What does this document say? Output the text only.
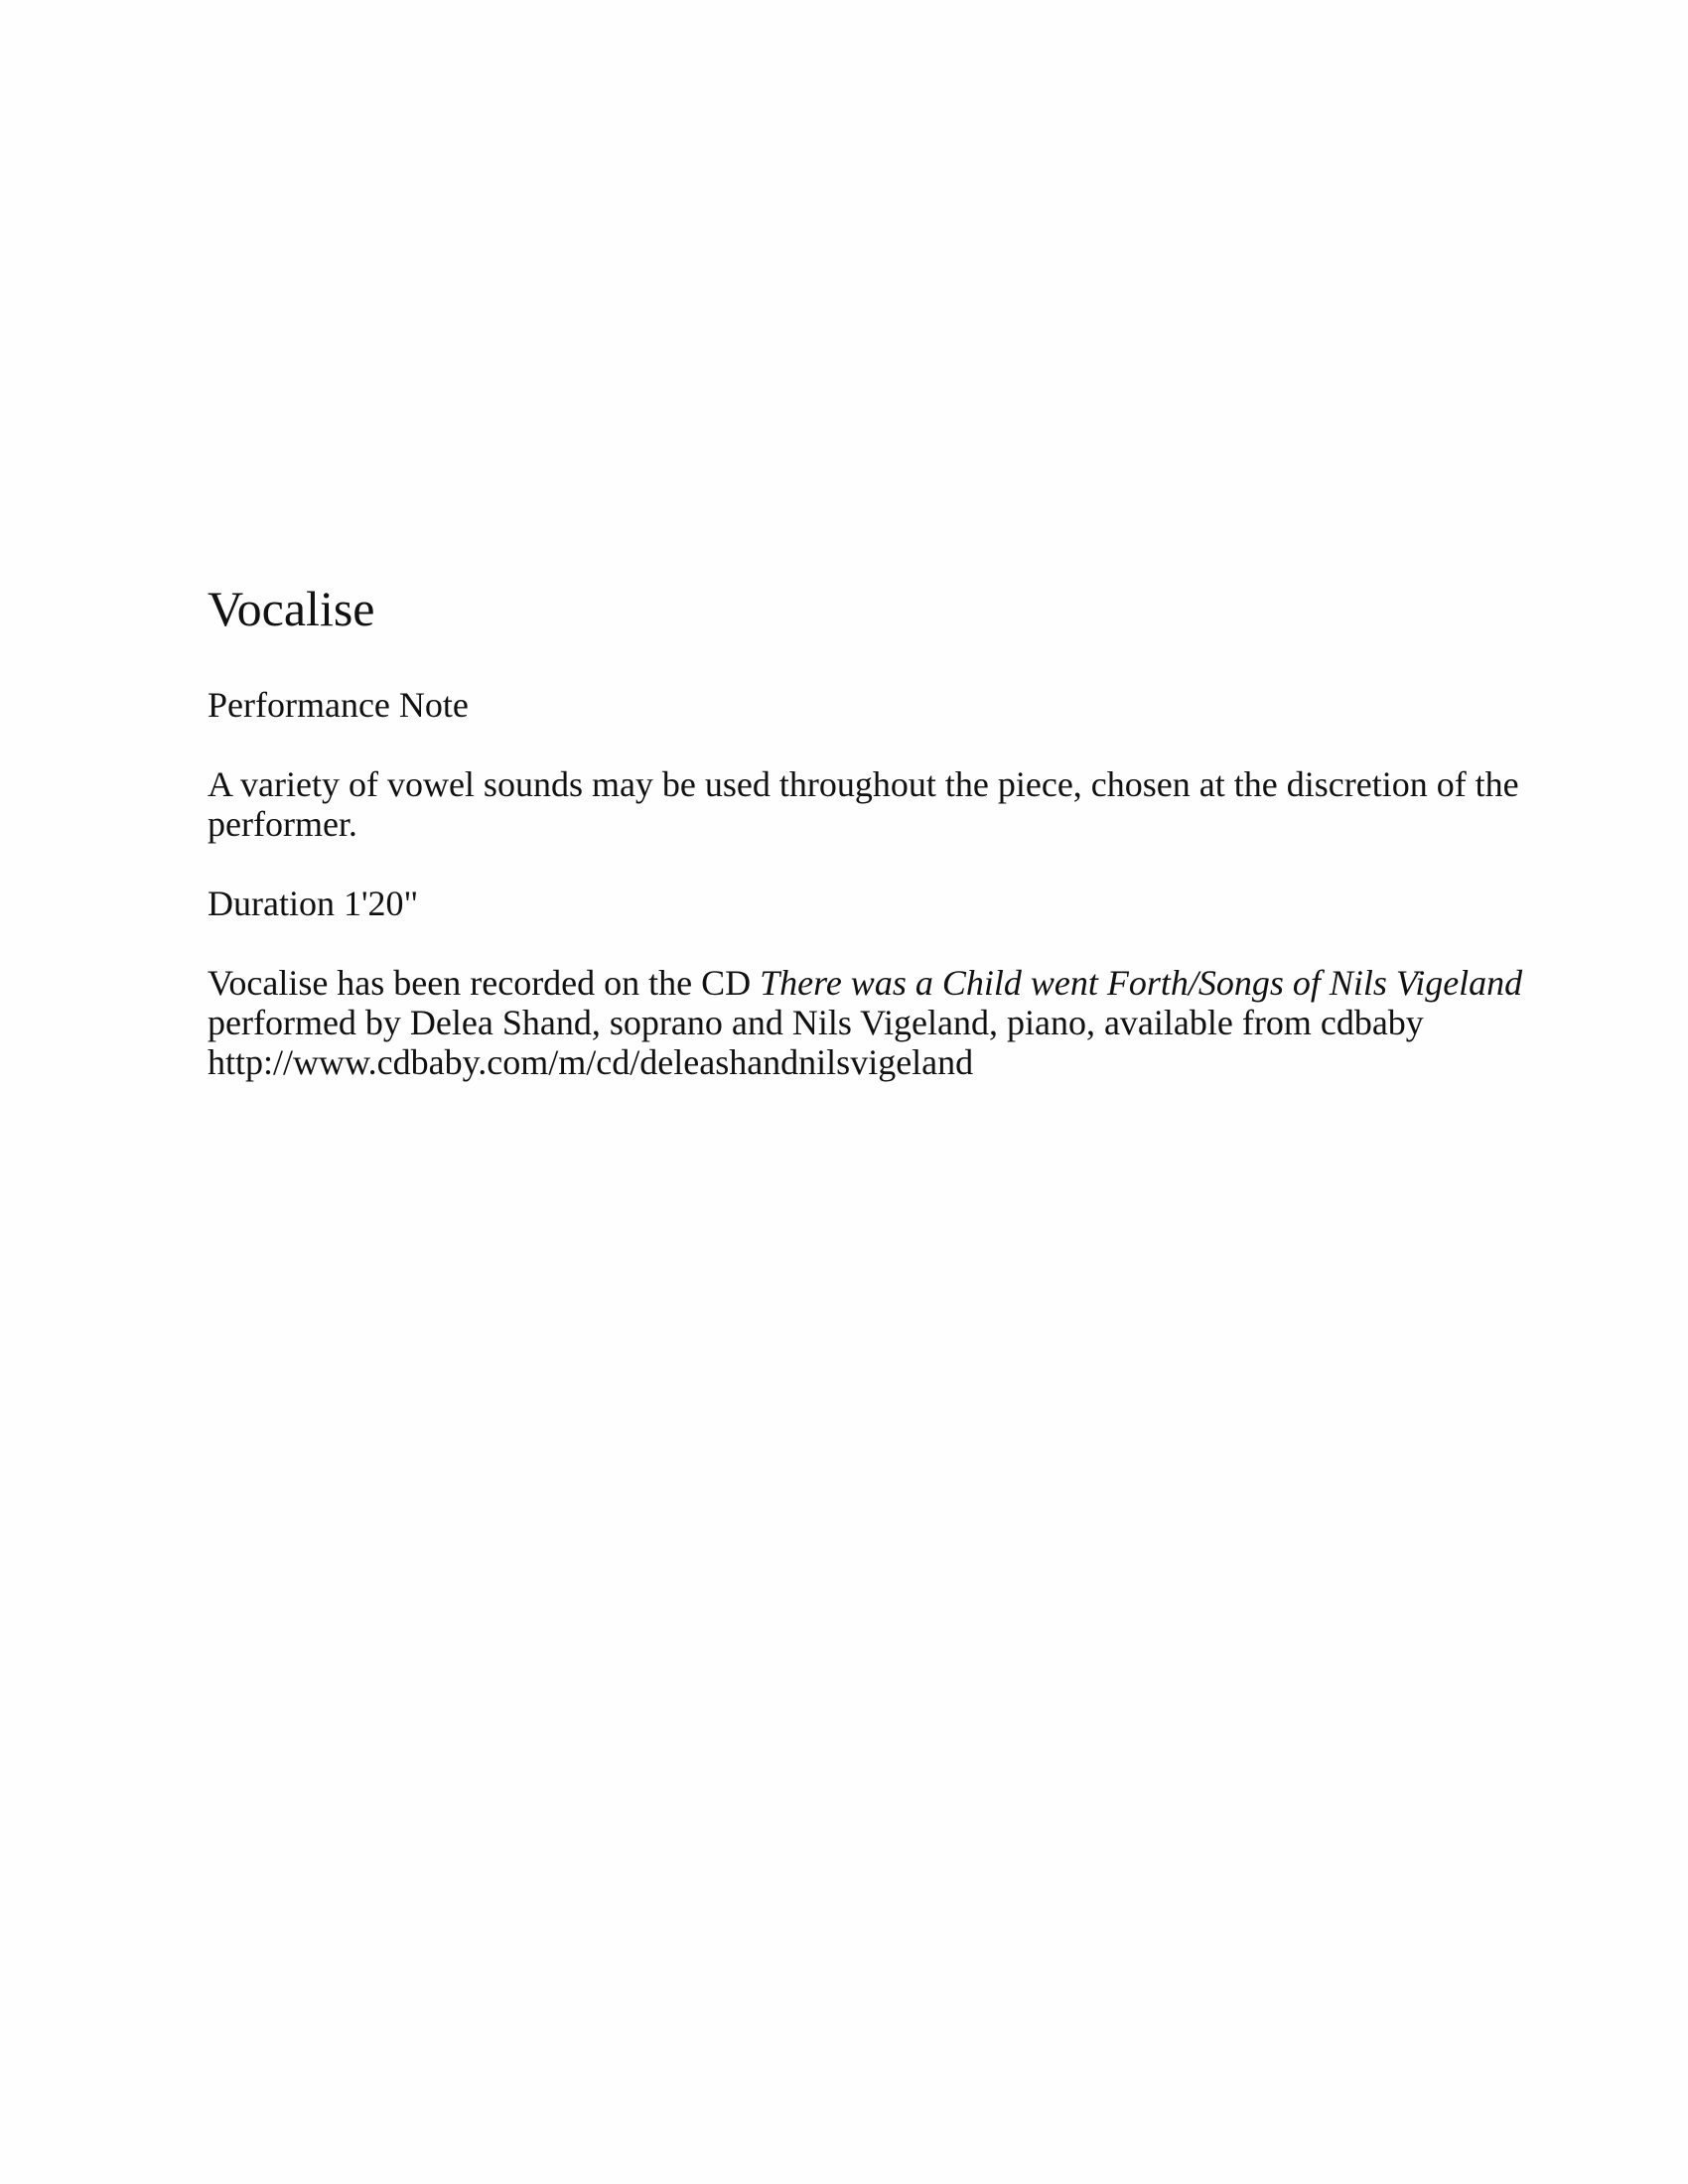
Vocalise
Performance Note
A variety of vowel sounds may be used throughout the piece, chosen at the discretion of the
performer.
Duration 1'20"
Vocalise has been recorded on the CD There was a Child went Forth/Songs of Nils Vigeland
performed by Delea Shand, soprano and Nils Vigeland, piano, available from cdbaby
http://www.cdbaby.com/m/cd/deleashandnilsvigeland
